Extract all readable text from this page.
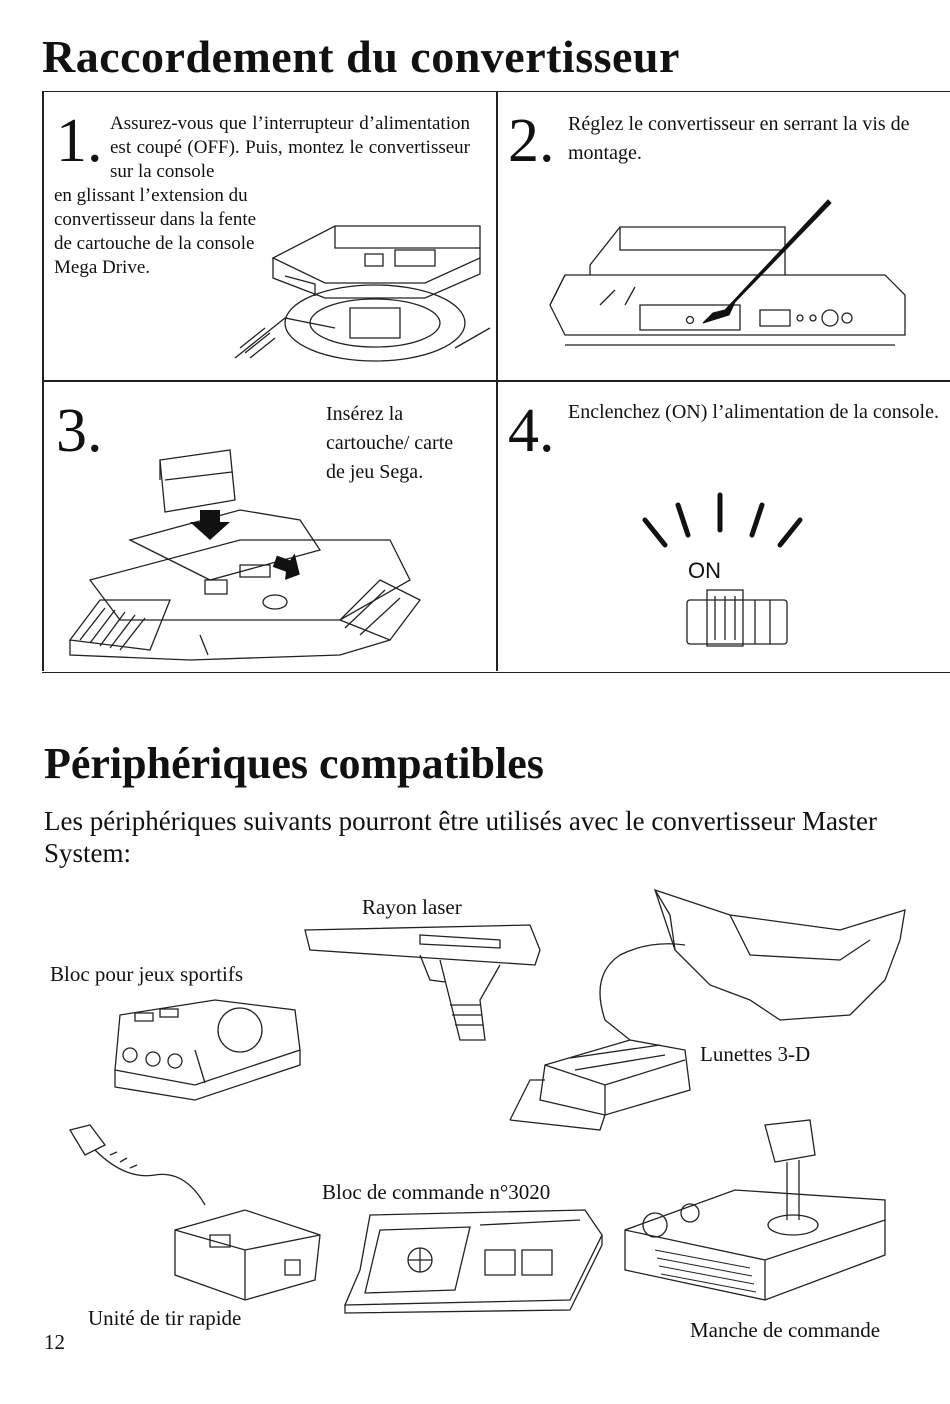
Raccordement du convertisseur
1. Assurez-vous que l’interrupteur d’alimentation est coupé (OFF). Puis, montez le convertisseur sur la console
en glissant l’extension du convertisseur dans la fente de cartouche de la console Mega Drive.
2. Réglez le convertisseur en serrant la vis de montage.
3.	Insérez la cartouche/ carte de jeu Sega.
4. Enclenchez (ON) l’alimentation de la console.
ON
Périphériques compatibles

Les périphériques suivants pourront être utilisés avec le convertisseur Master System:

Rayon laser
Bloc pour jeux sportifs
Lunettes 3-D
Unité de tir rapide
Bloc de commande n°3020
Manche de commande
12
